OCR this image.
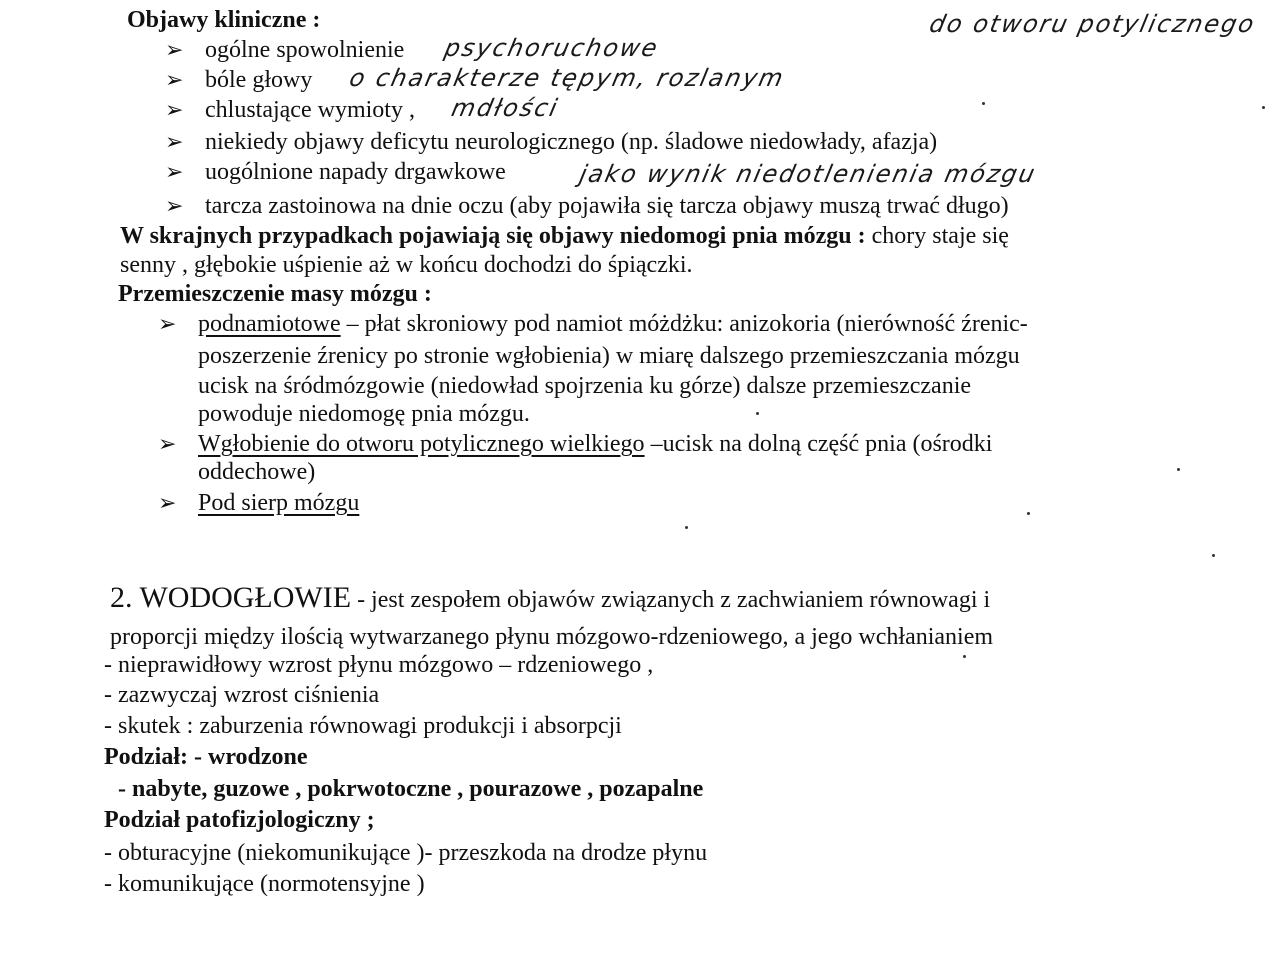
do otworu potylicznego
Objawy kliniczne :
➢ ogólne spowolnienie psychoruchowe
➢ bóle głowy o charakterze tępym, rozlanym
➢ chlustające wymioty , mdłości
➢ niekiedy objawy deficytu neurologicznego (np. śladowe niedowłady, afazja)
➢ uogólnione napady drgawkowe	jako wynik niedotlenienia mózgu
➢ tarcza zastoinowa na dnie oczu (aby pojawiła się tarcza objawy muszą trwać długo)
W skrajnych przypadkach pojawiają się objawy niedomogi pnia mózgu : chory staje się
senny , głębokie uśpienie aż w końcu dochodzi do śpiączki.
Przemieszczenie masy mózgu :
➢ podnamiotowe – płat skroniowy pod namiot móżdżku: anizokoria (nierówność źrenic-
poszerzenie źrenicy po stronie wgłobienia) w miarę dalszego przemieszczania mózgu
ucisk na śródmózgowie (niedowład spojrzenia ku górze) dalsze przemieszczanie
powoduje niedomogę pnia mózgu.
➢ Wgłobienie do otworu potylicznego wielkiego –ucisk na dolną część pnia (ośrodki
oddechowe)
➢ Pod sierp mózgu
2. WODOGŁOWIE - jest zespołem objawów związanych z zachwianiem równowagi i
proporcji między ilością wytwarzanego płynu mózgowo-rdzeniowego, a jego wchłanianiem
- nieprawidłowy wzrost płynu mózgowo – rdzeniowego ,
- zazwyczaj wzrost ciśnienia
- skutek : zaburzenia równowagi produkcji i absorpcji
Podział: - wrodzone
- nabyte, guzowe , pokrwotoczne , pourazowe , pozapalne
Podział patofizjologiczny ;
- obturacyjne (niekomunikujące )- przeszkoda na drodze płynu
- komunikujące (normotensyjne )
